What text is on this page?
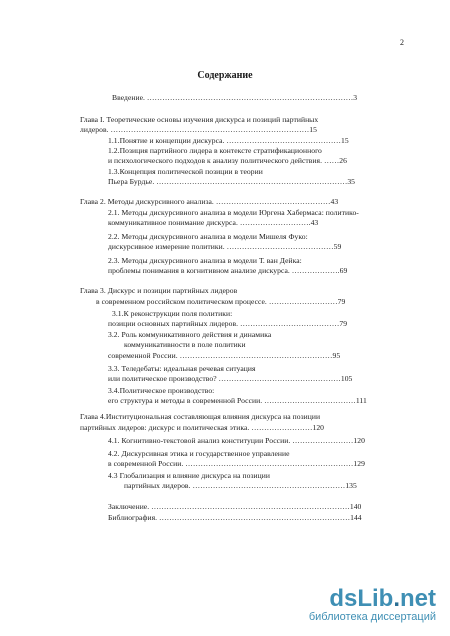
2
Содержание
Введение. ………………………………………………………………………3
Глава I. Теоретические основы изучения дискурса и позиций партийных
лидеров. ……………………………………………………………………15
1.1.Понятие и концепции дискурса. ………………………………………15
1.2.Позиция партийного лидера в контексте стратификационного
и психологического подходов к анализу политического действия. ……26
1.3.Концепция политической позиции в теории
Пьера Бурдье. …………………………………………………………………35
Глава 2. Методы дискурсивного анализа. ………………………………………43
2.1. Методы дискурсивного анализа в модели Юргена Хабермаса: политико-
коммуникативное понимание дискурса. ……………………….43
2.2. Методы дискурсивного анализа в модели Мишеля Фуко:
дискурсивное измерение политики. ……………………………………59
2.3. Методы дискурсивного анализа в модели Т. ван Дейка:
проблемы понимания в когнитивном анализе дискурса. ……………….69
Глава 3. Дискурс и позиции партийных лидеров
в современном российском политическом процессе. ………………………79
3.1.К реконструкции поля политики:
позиции основных партийных лидеров. …………………………………79
3.2. Роль коммуникативного действия и динамика
коммуникативности в поле политики
современной России. ……………………………………………………95
3.3. Теледебаты: идеальная речевая ситуация
или политическое производство? …………………………………………105
3.4.Политическое производство:
его структура и методы в современной России. ………………………………111
Глава 4.Институциональная составляющая влияния дискурса на позиции
партийных лидеров: дискурс и политическая этика. ……………………120
4.1. Когнитивно-текстовой анализ конституции России. ……………………120
4.2. Дискурсивная этика и государственное управление
в современной России. …………………………………………………………129
4.3 Глобализация и влияние дискурса на позиции
партийных лидеров. ……………………………………………………135
Заключение. ……………………………………………………………………140
Библиография. …………………………………………………………………144
dsLib.net
библиотека диссертаций
